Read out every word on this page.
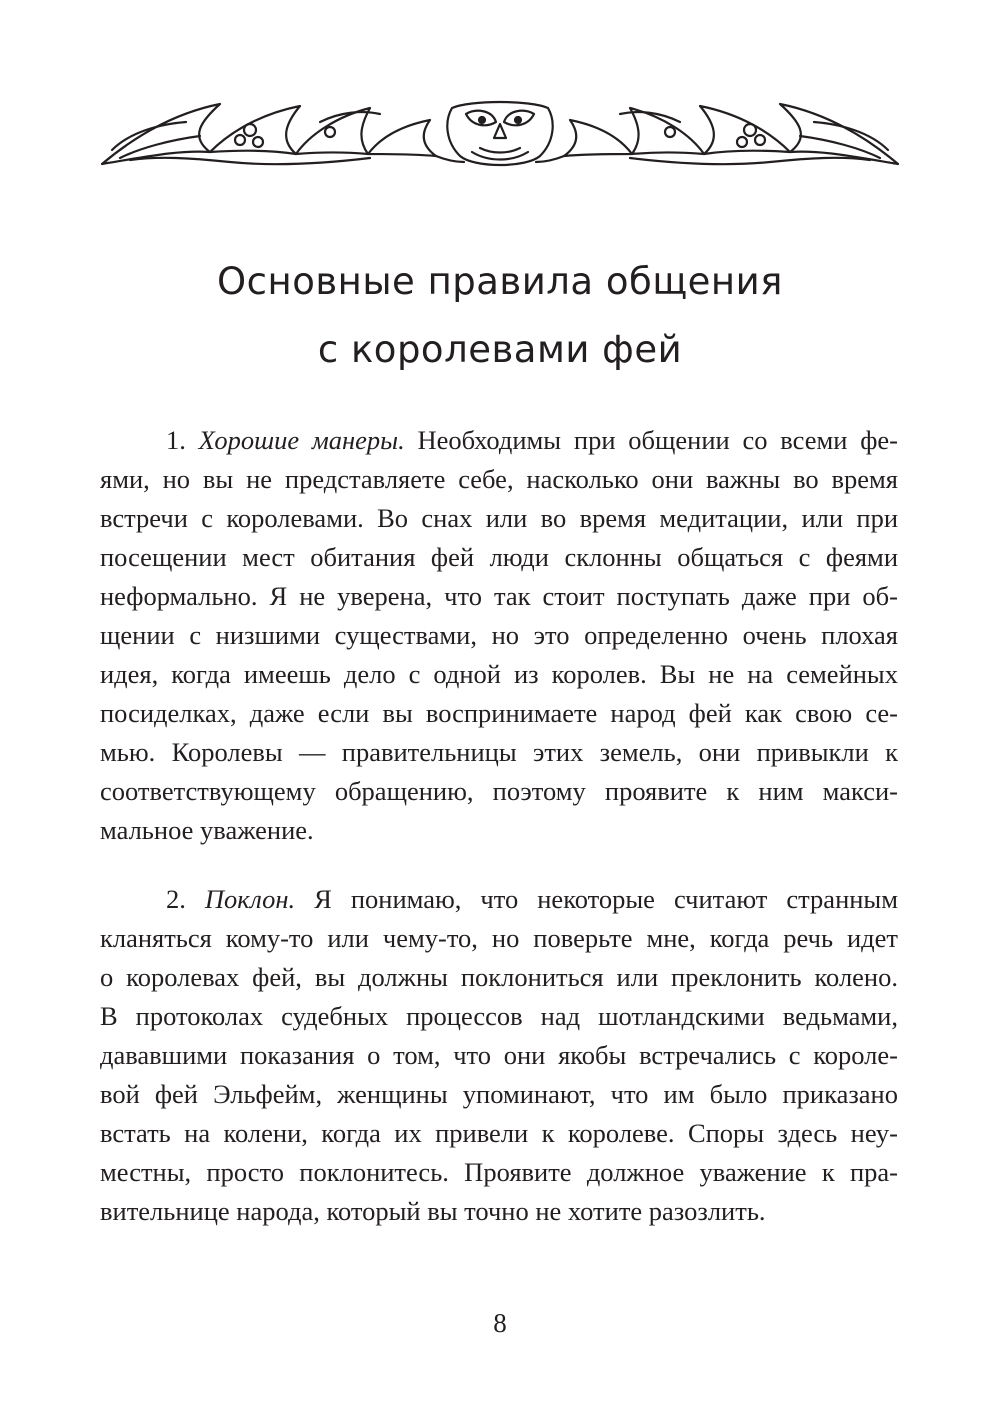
Основные правила общения
с королевами фей
1. Хорошие манеры. Необходимы при общении со всеми фе-
ями, но вы не представляете себе, насколько они важны во время
встречи с королевами. Во снах или во время медитации, или при
посещении мест обитания фей люди склонны общаться с феями
неформально. Я не уверена, что так стоит поступать даже при об-
щении с низшими существами, но это определенно очень плохая
идея, когда имеешь дело с одной из королев. Вы не на семейных
посиделках, даже если вы воспринимаете народ фей как свою се-
мью. Королевы — правительницы этих земель, они привыкли к
соответствующему обращению, поэтому проявите к ним макси-
мальное уважение.
2. Поклон. Я понимаю, что некоторые считают странным
кланяться кому-то или чему-то, но поверьте мне, когда речь идет
о королевах фей, вы должны поклониться или преклонить колено.
В протоколах судебных процессов над шотландскими ведьмами,
дававшими показания о том, что они якобы встречались с короле-
вой фей Эльфейм, женщины упоминают, что им было приказано
встать на колени, когда их привели к королеве. Споры здесь неу-
местны, просто поклонитесь. Проявите должное уважение к пра-
вительнице народа, который вы точно не хотите разозлить.
8
